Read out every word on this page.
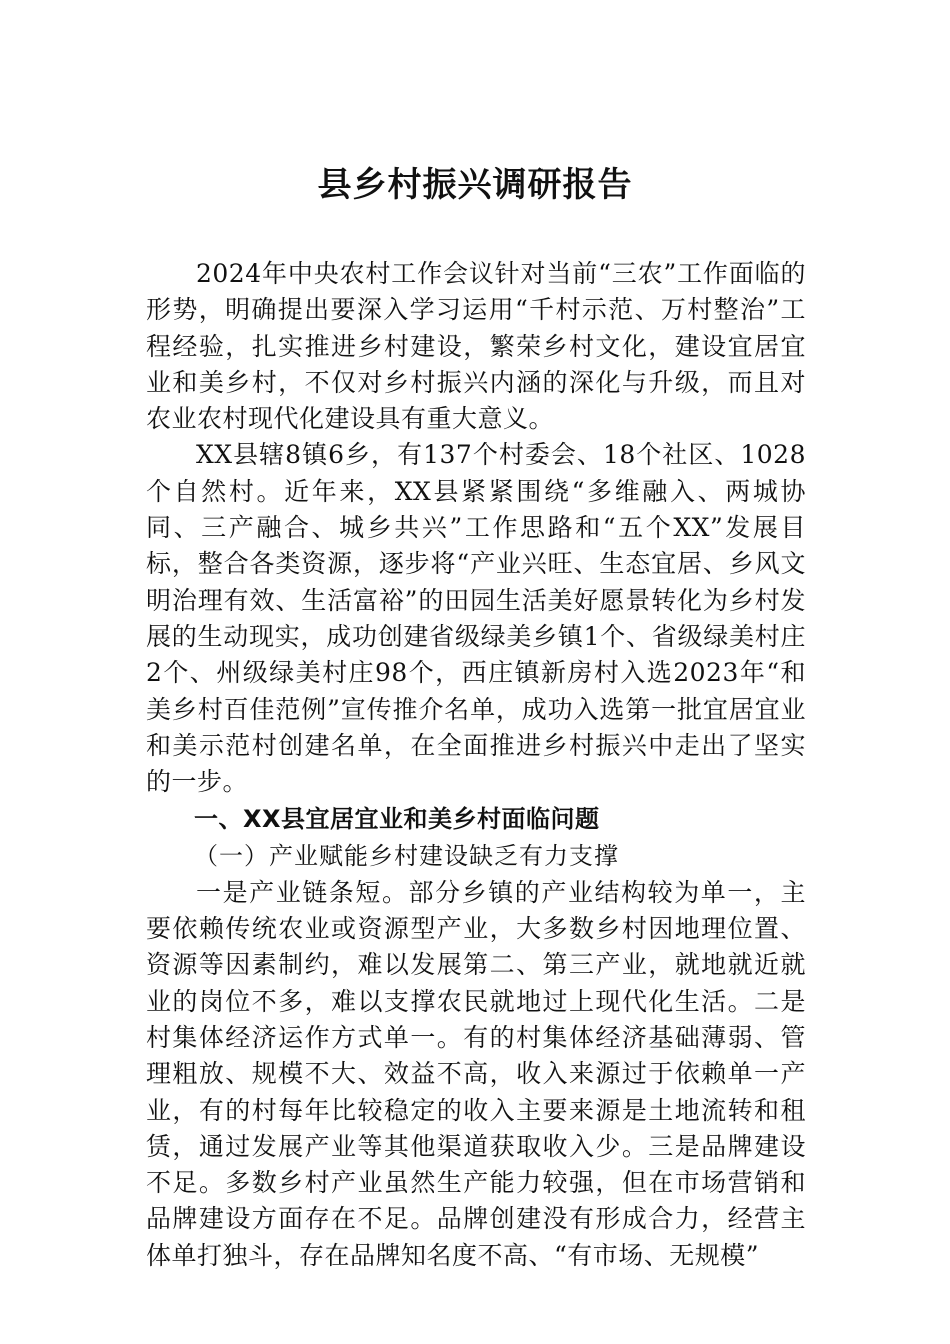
县乡村振兴调研报告

2024年中央农村工作会议针对当前“三农”工作面临的形势，明确提出要深入学习运用“千村示范、万村整治”工程经验，扎实推进乡村建设，繁荣乡村文化，建设宜居宜业和美乡村，不仅对乡村振兴内涵的深化与升级，而且对农业农村现代化建设具有重大意义。

XX县辖8镇6乡，有137个村委会、18个社区、1028个自然村。近年来，XX县紧紧围绕“多维融入、两城协同、三产融合、城乡共兴”工作思路和“五个XX”发展目标，整合各类资源，逐步将“产业兴旺、生态宜居、乡风文明治理有效、生活富裕”的田园生活美好愿景转化为乡村发展的生动现实，成功创建省级绿美乡镇1个、省级绿美村庄2个、州级绿美村庄98个，西庄镇新房村入选2023年“和美乡村百佳范例”宣传推介名单，成功入选第一批宜居宜业和美示范村创建名单，在全面推进乡村振兴中走出了坚实的一步。

一、XX县宜居宜业和美乡村面临问题

（一）产业赋能乡村建设缺乏有力支撑

一是产业链条短。部分乡镇的产业结构较为单一，主要依赖传统农业或资源型产业，大多数乡村因地理位置、资源等因素制约，难以发展第二、第三产业，就地就近就业的岗位不多，难以支撑农民就地过上现代化生活。二是村集体经济运作方式单一。有的村集体经济基础薄弱、管理粗放、规模不大、效益不高，收入来源过于依赖单一产业，有的村每年比较稳定的收入主要来源是土地流转和租赁，通过发展产业等其他渠道获取收入少。三是品牌建设不足。多数乡村产业虽然生产能力较强，但在市场营销和品牌建设方面存在不足。品牌创建没有形成合力，经营主体单打独斗，存在品牌知名度不高、“有市场、无规模”
